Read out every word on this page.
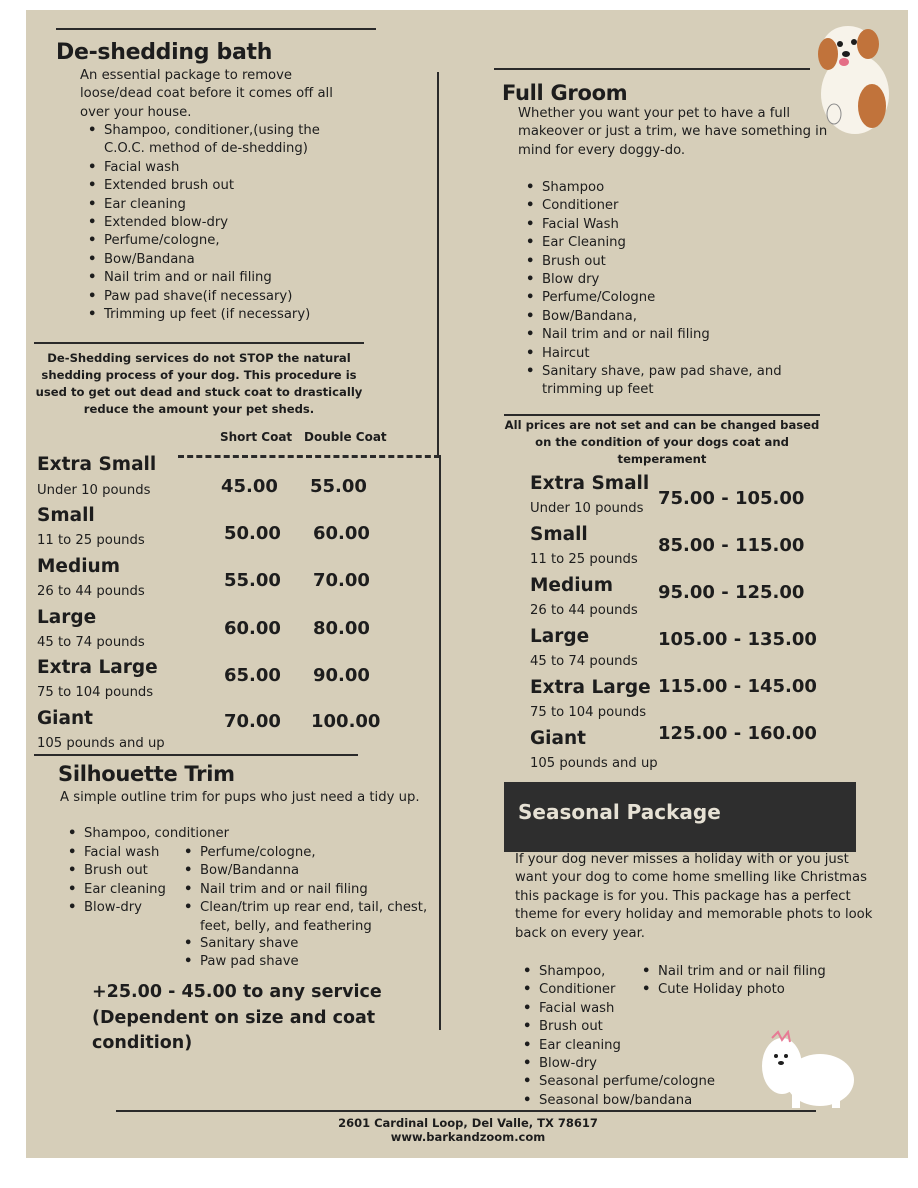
De-shedding bath
An essential package to remove loose/dead coat before it comes off all over your house.
• Shampoo, conditioner,(using the C.O.C. method of de-shedding)
• Facial wash
• Extended brush out
• Ear cleaning
• Extended blow-dry
• Perfume/cologne,
• Bow/Bandana
• Nail trim and or nail filing
• Paw pad shave(if necessary)
• Trimming up feet (if necessary)
De-Shedding services do not STOP the natural shedding process of your dog. This procedure is used to get out dead and stuck coat to drastically reduce the amount your pet sheds.
Short Coat Double Coat
Extra Small
Under 10 pounds	45.00 55.00
Small
11 to 25 pounds	50.00 60.00
Medium
26 to 44 pounds
55.00 70.00
Large
45 to 74 pounds
60.00 80.00
Extra Large
75 to 104 pounds
65.00 90.00
Giant
105 pounds and up
70.00 100.00
Silhouette Trim
A simple outline trim for pups who just need a tidy up.
• Shampoo, conditioner
• Facial wash
• Brush out
• Ear cleaning
• Blow-dry
• Perfume/cologne,
• Bow/Bandanna
• Nail trim and or nail filing
• Clean/trim up rear end, tail, chest, feet, belly, and feathering
• Sanitary shave
• Paw pad shave
+25.00 - 45.00 to any service (Dependent on size and coat condition)
Full Groom
Whether you want your pet to have a full makeover or just a trim, we have something in mind for every doggy-do.
• Shampoo
• Conditioner
• Facial Wash
• Ear Cleaning
• Brush out
• Blow dry
• Perfume/Cologne
• Bow/Bandana,
• Nail trim and or nail filing
• Haircut
• Sanitary shave, paw pad shave, and trimming up feet
All prices are not set and can be changed based on the condition of your dogs coat and temperament
Extra Small
Under 10 pounds 75.00 - 105.00
Small
11 to 25 pounds
85.00 - 115.00
Medium
26 to 44 pounds
95.00 - 125.00
Large
45 to 74 pounds
105.00 - 135.00
Extra Large
75 to 104 pounds
115.00 - 145.00
Giant
105 pounds and up
125.00 - 160.00
Seasonal Package
If your dog never misses a holiday with or you just want your dog to come home smelling like Christmas this package is for you. This package has a perfect theme for every holiday and memorable phots to look back on every year.
• Shampoo,
• Conditioner
• Facial wash
• Brush out
• Ear cleaning
• Blow-dry
• Seasonal perfume/cologne
• Seasonal bow/bandana
• Nail trim and or nail filing
• Cute Holiday photo
2601 Cardinal Loop, Del Valle, TX 78617
www.barkandzoom.com
